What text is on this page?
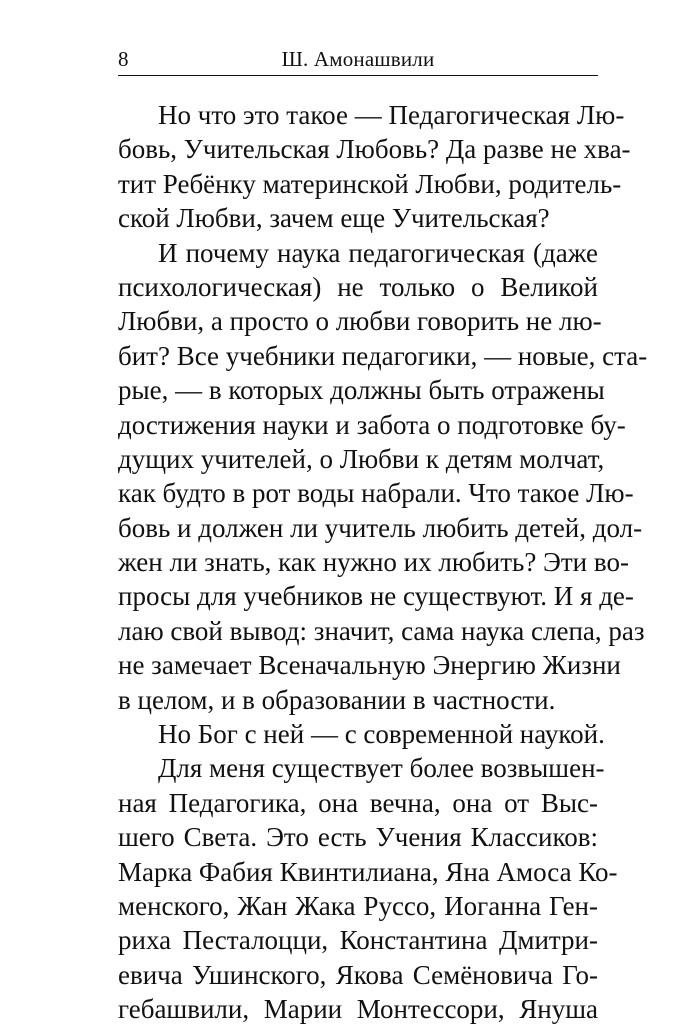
8	Ш. Амонашвили
Но что это такое — Педагогическая Лю-
бовь, Учительская Любовь? Да разве не хва-
тит Ребёнку материнской Любви, родитель-
ской Любви, зачем еще Учительская?
И почему наука педагогическая (даже
психологическая) не только о Великой
Любви, а просто о любви говорить не лю-
бит? Все учебники педагогики, — новые, ста-
рые, — в которых должны быть отражены
достижения науки и забота о подготовке бу-
дущих учителей, о Любви к детям молчат,
как будто в рот воды набрали. Что такое Лю-
бовь и должен ли учитель любить детей, дол-
жен ли знать, как нужно их любить? Эти во-
просы для учебников не существуют. И я де-
лаю свой вывод: значит, сама наука слепа, раз
не замечает Всеначальную Энергию Жизни
в целом, и в образовании в частности.
Но Бог с ней — с современной наукой.
Для меня существует более возвышен-
ная Педагогика, она вечна, она от Выс-
шего Света. Это есть Учения Классиков:
Марка Фабия Квинтилиана, Яна Амоса Ко-
менского, Жан Жака Руссо, Иоганна Ген-
риха Песталоцци, Константина Дмитри-
евича Ушинского, Якова Семёновича Го-
гебашвили, Марии Монтессори, Януша
